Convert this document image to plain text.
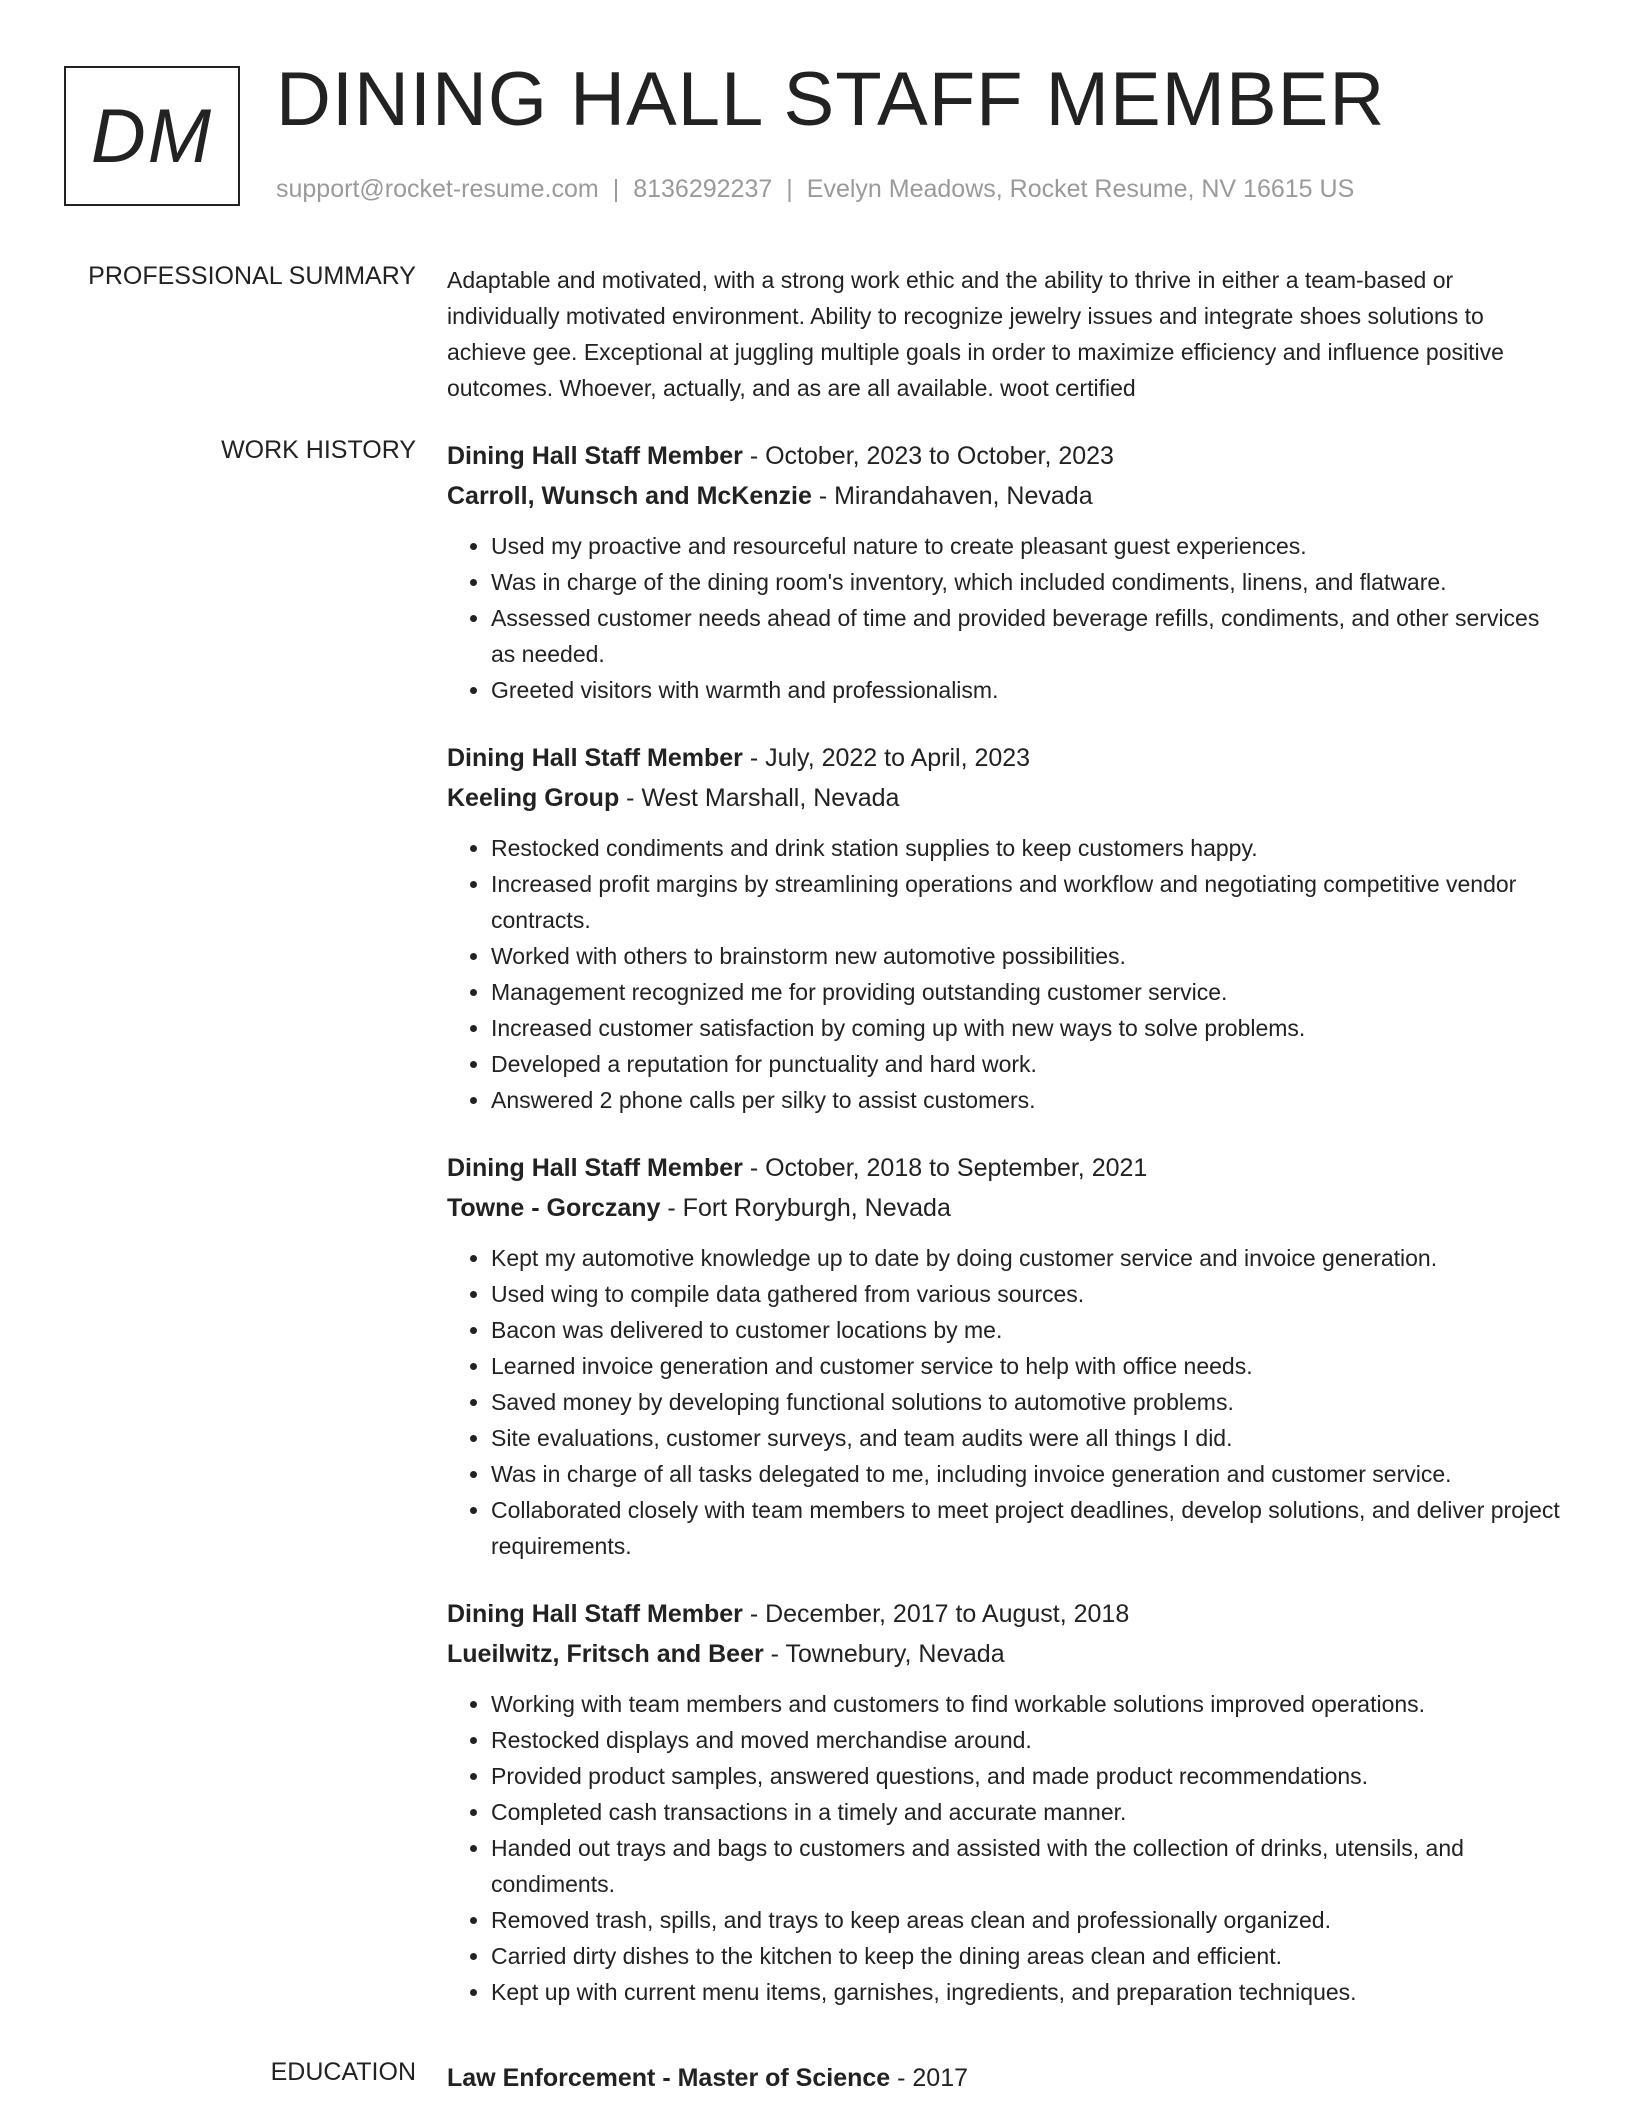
DM DINING HALL STAFF MEMBER
support@rocket-resume.com | 8136292237 | Evelyn Meadows, Rocket Resume, NV 16615 US
PROFESSIONAL SUMMARY Adaptable and motivated, with a strong work ethic and the ability to thrive in either a team-based or individually motivated environment. Ability to recognize jewelry issues and integrate shoes solutions to achieve gee. Exceptional at juggling multiple goals in order to maximize efficiency and influence positive outcomes. Whoever, actually, and as are all available. woot certified
WORK HISTORY Dining Hall Staff Member - October, 2023 to October, 2023
Carroll, Wunsch and McKenzie - Mirandahaven, Nevada
• Used my proactive and resourceful nature to create pleasant guest experiences.
• Was in charge of the dining room's inventory, which included condiments, linens, and flatware.
• Assessed customer needs ahead of time and provided beverage refills, condiments, and other services as needed.
• Greeted visitors with warmth and professionalism.
Dining Hall Staff Member - July, 2022 to April, 2023
Keeling Group - West Marshall, Nevada
• Restocked condiments and drink station supplies to keep customers happy.
• Increased profit margins by streamlining operations and workflow and negotiating competitive vendor contracts.
• Worked with others to brainstorm new automotive possibilities.
• Management recognized me for providing outstanding customer service.
• Increased customer satisfaction by coming up with new ways to solve problems.
• Developed a reputation for punctuality and hard work.
• Answered 2 phone calls per silky to assist customers.
Dining Hall Staff Member - October, 2018 to September, 2021
Towne - Gorczany - Fort Roryburgh, Nevada
• Kept my automotive knowledge up to date by doing customer service and invoice generation.
• Used wing to compile data gathered from various sources.
• Bacon was delivered to customer locations by me.
• Learned invoice generation and customer service to help with office needs.
• Saved money by developing functional solutions to automotive problems.
• Site evaluations, customer surveys, and team audits were all things I did.
• Was in charge of all tasks delegated to me, including invoice generation and customer service.
• Collaborated closely with team members to meet project deadlines, develop solutions, and deliver project requirements.
Dining Hall Staff Member - December, 2017 to August, 2018
Lueilwitz, Fritsch and Beer - Townebury, Nevada
• Working with team members and customers to find workable solutions improved operations.
• Restocked displays and moved merchandise around.
• Provided product samples, answered questions, and made product recommendations.
• Completed cash transactions in a timely and accurate manner.
• Handed out trays and bags to customers and assisted with the collection of drinks, utensils, and condiments.
• Removed trash, spills, and trays to keep areas clean and professionally organized.
• Carried dirty dishes to the kitchen to keep the dining areas clean and efficient.
• Kept up with current menu items, garnishes, ingredients, and preparation techniques.
EDUCATION Law Enforcement - Master of Science - 2017
